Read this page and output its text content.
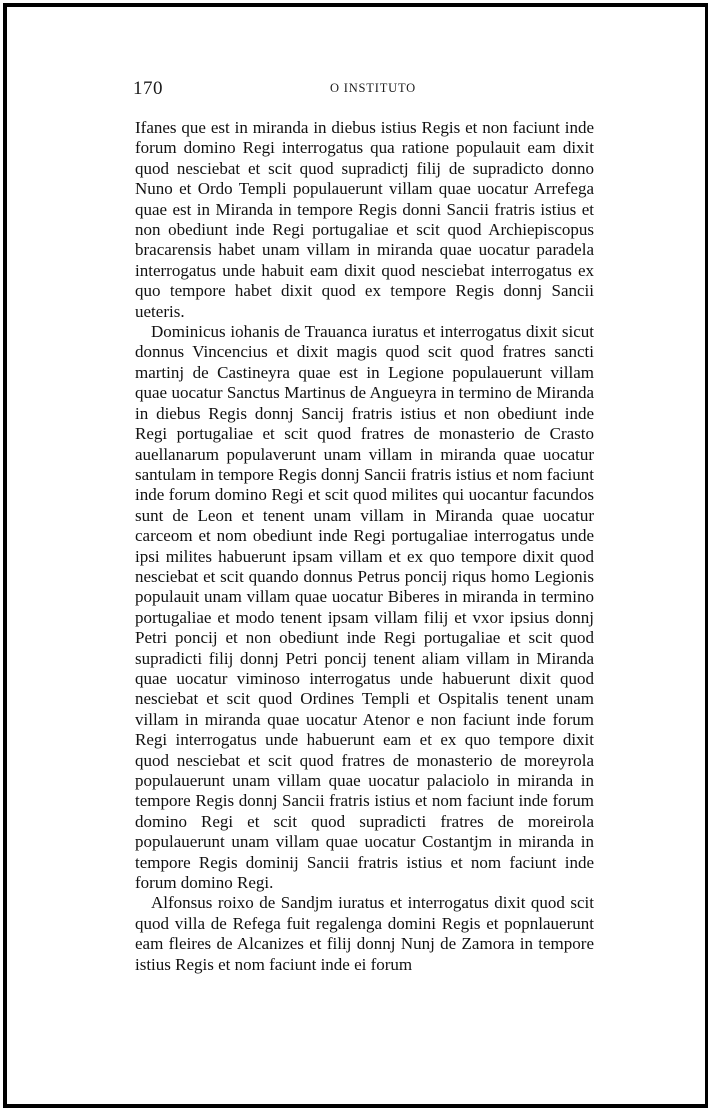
170	O INSTITUTO

Ifanes que est in miranda in diebus istius Regis et non faciunt inde forum domino Regi interrogatus qua ratione populauit eam dixit quod nesciebat et scit quod supradictj filij de supradicto donno Nuno et Ordo Templi populauerunt villam quae uocatur Arrefega quae est in Miranda in tempore Regis donni Sancii fratris istius et non obediunt inde Regi portugaliae et scit quod Archiepiscopus bracarensis habet unam villam in miranda quae uocatur paradela interrogatus unde habuit eam dixit quod nesciebat interrogatus ex quo tempore habet dixit quod ex tempore Regis donnj Sancii ueteris.

Dominicus iohanis de Trauanca iuratus et interrogatus dixit sicut donnus Vincencius et dixit magis quod scit quod fratres sancti martinj de Castineyra quae est in Legione populauerunt villam quae uocatur Sanctus Martinus de Angueyra in termino de Miranda in diebus Regis donnj Sancij fratris istius et non obediunt inde Regi portugaliae et scit quod fratres de monasterio de Crasto auellanarum populaverunt unam villam in miranda quae uocatur santulam in tempore Regis donnj Sancii fratris istius et nom faciunt inde forum domino Regi et scit quod milites qui uocantur facundos sunt de Leon et tenent unam villam in Miranda quae uocatur carceom et nom obediunt inde Regi portugaliae interrogatus unde ipsi milites habuerunt ipsam villam et ex quo tempore dixit quod nesciebat et scit quando donnus Petrus poncij riqus homo Legionis populauit unam villam quae uocatur Biberes in miranda in termino portugaliae et modo tenent ipsam villam filij et vxor ipsius donnj Petri poncij et non obediunt inde Regi portugaliae et scit quod supradicti filij donnj Petri poncij tenent aliam villam in Miranda quae uocatur viminoso interrogatus unde habuerunt dixit quod nesciebat et scit quod Ordines Templi et Ospitalis tenent unam villam in miranda quae uocatur Atenor e non faciunt inde forum Regi interrogatus unde habuerunt eam et ex quo tempore dixit quod nesciebat et scit quod fratres de monasterio de moreyrola populauerunt unam villam quae uocatur palaciolo in miranda in tempore Regis donnj Sancii fratris istius et nom faciunt inde forum domino Regi et scit quod supradicti fratres de moreirola populauerunt unam villam quae uocatur Costantjm in miranda in tempore Regis dominij Sancii fratris istius et nom faciunt inde forum domino Regi.

Alfonsus roixo de Sandjm iuratus et interrogatus dixit quod scit quod villa de Refega fuit regalenga domini Regis et popnlauerunt eam fleires de Alcanizes et filij donnj Nunj de Zamora in tempore istius Regis et nom faciunt inde ei forum
